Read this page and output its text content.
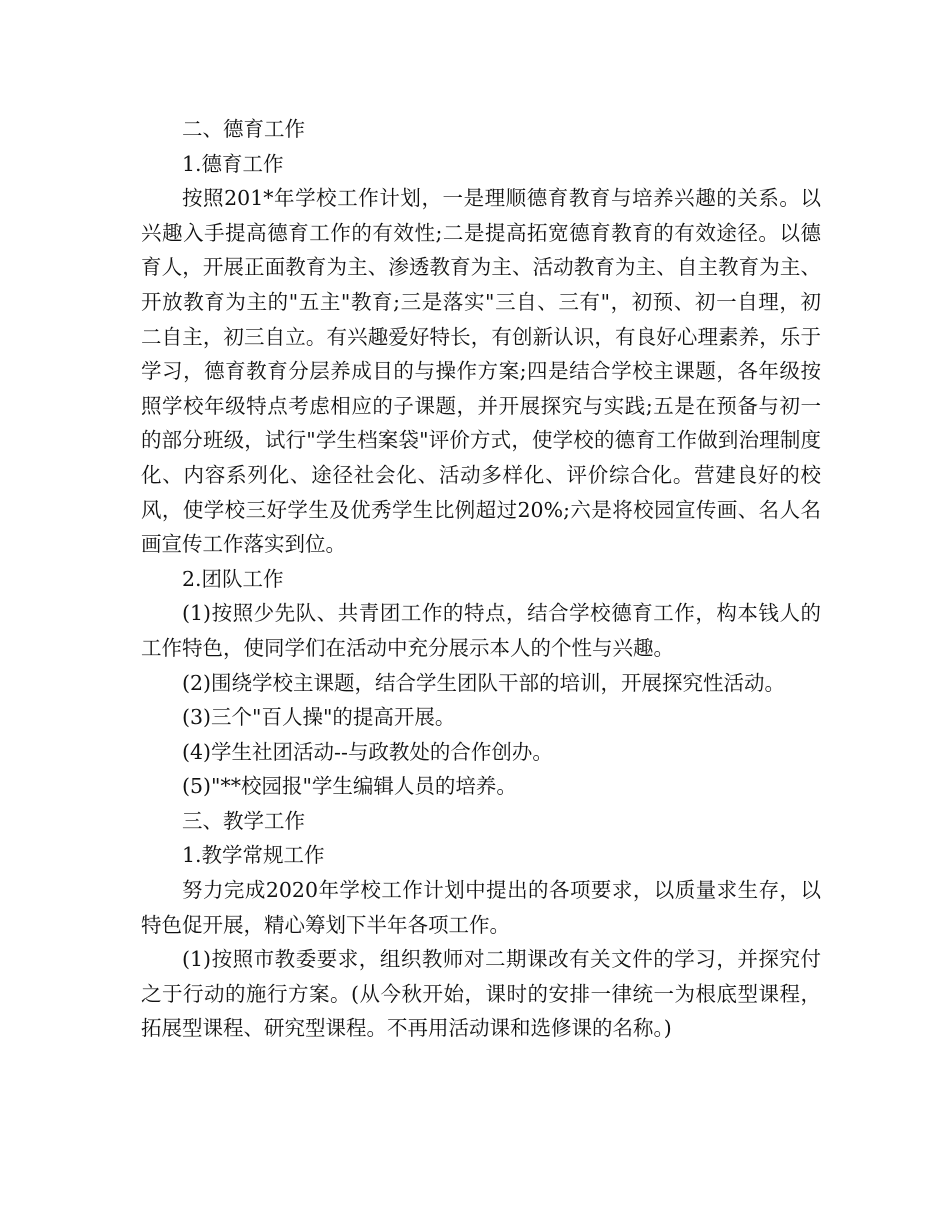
二、德育工作

1.德育工作

按照201*年学校工作计划，一是理顺德育教育与培养兴趣的关系。以兴趣入手提高德育工作的有效性;二是提高拓宽德育教育的有效途径。以德育人，开展正面教育为主、渗透教育为主、活动教育为主、自主教育为主、开放教育为主的"五主"教育;三是落实"三自、三有"，初预、初一自理，初二自主，初三自立。有兴趣爱好特长，有创新认识，有良好心理素养，乐于学习，德育教育分层养成目的与操作方案;四是结合学校主课题，各年级按照学校年级特点考虑相应的子课题，并开展探究与实践;五是在预备与初一的部分班级，试行"学生档案袋"评价方式，使学校的德育工作做到治理制度化、内容系列化、途径社会化、活动多样化、评价综合化。营建良好的校风，使学校三好学生及优秀学生比例超过20%;六是将校园宣传画、名人名画宣传工作落实到位。

2.团队工作

(1)按照少先队、共青团工作的特点，结合学校德育工作，构本钱人的工作特色，使同学们在活动中充分展示本人的个性与兴趣。

(2)围绕学校主课题，结合学生团队干部的培训，开展探究性活动。

(3)三个"百人操"的提高开展。

(4)学生社团活动--与政教处的合作创办。

(5)"**校园报"学生编辑人员的培养。

三、教学工作

1.教学常规工作

努力完成2020年学校工作计划中提出的各项要求，以质量求生存，以特色促开展，精心筹划下半年各项工作。

(1)按照市教委要求，组织教师对二期课改有关文件的学习，并探究付之于行动的施行方案。(从今秋开始，课时的安排一律统一为根底型课程，拓展型课程、研究型课程。不再用活动课和选修课的名称。)
